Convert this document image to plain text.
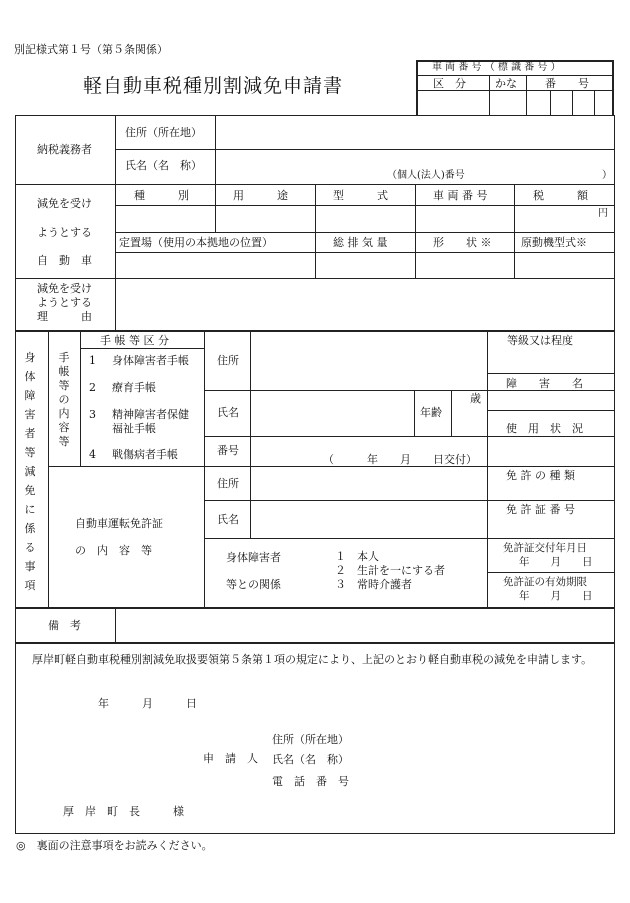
別記様式第１号（第５条関係）
軽自動車税種別割減免申請書
車 両 番 号 （ 標 識 番 号 ）
区　分	かな	番　　号
納税義務者
住所（所在地）
氏名（名　称）
（個人(法人)番号	）
減免を受け
ようとする
自　動　車
種　　　別	用　　　途	型　　　式	車 両 番 号	税　　　額
円
定置場（使用の本拠地の位置）	総 排 気 量	形　　状 ※	原動機型式※
減免を受け
ようとする
理　　　由
身
体
障
害
者
等
減
免
に
係
る
事
項
手
帳
等
の
内
容
等
手 帳 等 区 分
1 身体障害者手帳
2 療育手帳
3 精神障害者保健
福祉手帳
4 戦傷病者手帳
住所
氏名	年齢
歳
番号
（　　　年　　月　　日交付）
等級又は程度
障　　害　　名
使　用　状　況
自動車運転免許証
の　内　容　等
住所
氏名
免 許 の 種 類
免 許 証 番 号
身体障害者
等との関係
１　本人
２　生計を一にする者
３　常時介護者
免許証交付年月日
年　　月　　日
免許証の有効期限
年　　月　　日
備　考
厚岸町軽自動車税種別割減免取扱要領第５条第１項の規定により、上記のとおり軽自動車税の減免を申請します。
年　　　月　　　日
申　請　人
住所（所在地）
氏名（名　称）
電　話　番　号
厚　岸　町　長　　　様
◎　裏面の注意事項をお読みください。
